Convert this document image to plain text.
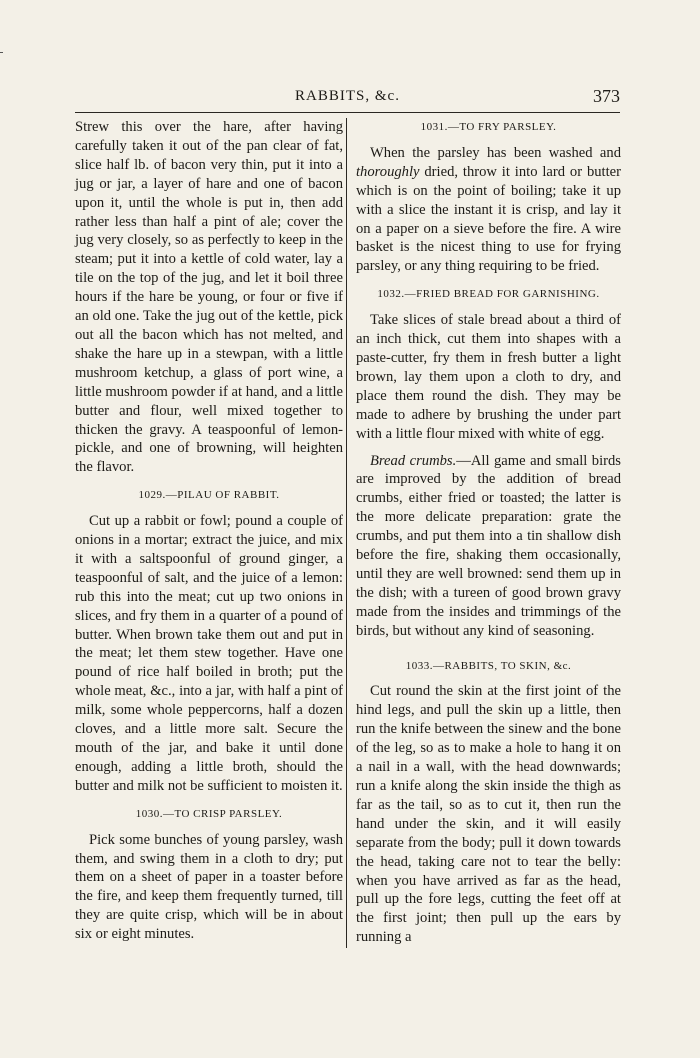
RABBITS, &c.	373

Strew this over the hare, after having carefully taken it out of the pan clear of fat, slice half lb. of bacon very thin, put it into a jug or jar, a layer of hare and one of bacon upon it, until the whole is put in, then add rather less than half a pint of ale; cover the jug very closely, so as perfectly to keep in the steam; put it into a kettle of cold water, lay a tile on the top of the jug, and let it boil three hours if the hare be young, or four or five if an old one. Take the jug out of the kettle, pick out all the bacon which has not melted, and shake the hare up in a stewpan, with a little mushroom ketchup, a glass of port wine, a little mushroom powder if at hand, and a little butter and flour, well mixed together to thicken the gravy. A teaspoonful of lemon-pickle, and one of browning, will heighten the flavor.

1029.—PILAU OF RABBIT.

Cut up a rabbit or fowl; pound a couple of onions in a mortar; extract the juice, and mix it with a saltspoonful of ground ginger, a teaspoonful of salt, and the juice of a lemon: rub this into the meat; cut up two onions in slices, and fry them in a quarter of a pound of butter. When brown take them out and put in the meat; let them stew together. Have one pound of rice half boiled in broth; put the whole meat, &c., into a jar, with half a pint of milk, some whole peppercorns, half a dozen cloves, and a little more salt. Secure the mouth of the jar, and bake it until done enough, adding a little broth, should the butter and milk not be sufficient to moisten it.

1030.—TO CRISP PARSLEY.

Pick some bunches of young parsley, wash them, and swing them in a cloth to dry; put them on a sheet of paper in a toaster before the fire, and keep them frequently turned, till they are quite crisp, which will be in about six or eight minutes.

1031.—TO FRY PARSLEY.

When the parsley has been washed and thoroughly dried, throw it into lard or butter which is on the point of boiling; take it up with a slice the instant it is crisp, and lay it on a paper on a sieve before the fire. A wire basket is the nicest thing to use for frying parsley, or any thing requiring to be fried.

1032.—FRIED BREAD FOR GARNISHING.

Take slices of stale bread about a third of an inch thick, cut them into shapes with a paste-cutter, fry them in fresh butter a light brown, lay them upon a cloth to dry, and place them round the dish. They may be made to adhere by brushing the under part with a little flour mixed with white of egg.

Bread crumbs.—All game and small birds are improved by the addition of bread crumbs, either fried or toasted; the latter is the more delicate preparation: grate the crumbs, and put them into a tin shallow dish before the fire, shaking them occasionally, until they are well browned: send them up in the dish; with a tureen of good brown gravy made from the insides and trimmings of the birds, but without any kind of seasoning.

1033.—RABBITS, TO SKIN, &c.

Cut round the skin at the first joint of the hind legs, and pull the skin up a little, then run the knife between the sinew and the bone of the leg, so as to make a hole to hang it on a nail in a wall, with the head downwards; run a knife along the skin inside the thigh as far as the tail, so as to cut it, then run the hand under the skin, and it will easily separate from the body; pull it down towards the head, taking care not to tear the belly: when you have arrived as far as the head, pull up the fore legs, cutting the feet off at the first joint; then pull up the ears by running a
